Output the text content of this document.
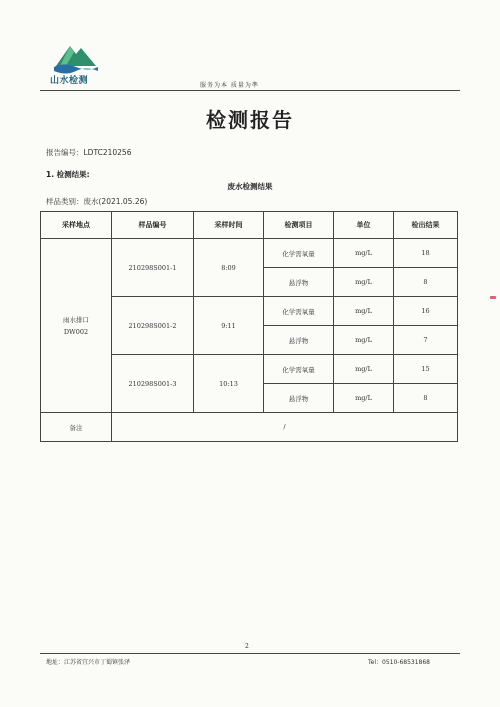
山水检测	服务为本 质量为準
检测报告
报告编号：LDTC210256
1. 检测结果:
废水检测结果
样品类别：废水(2021.05.26)
采样地点	样品编号	采样时间	检测项目	单位	检出结果

雨水排口
DW002	210298S001-1	8:09	化学需氧量	mg/L	18
			悬浮物	mg/L	8
	210298S001-2	9:11	化学需氧量	mg/L	16
			悬浮物	mg/L	7
	210298S001-3	10:13	化学需氧量	mg/L	15
			悬浮物	mg/L	8
备注	/				
2
地址：江苏省宜兴市丁蜀镇张泽	Tel：0510-68531868
